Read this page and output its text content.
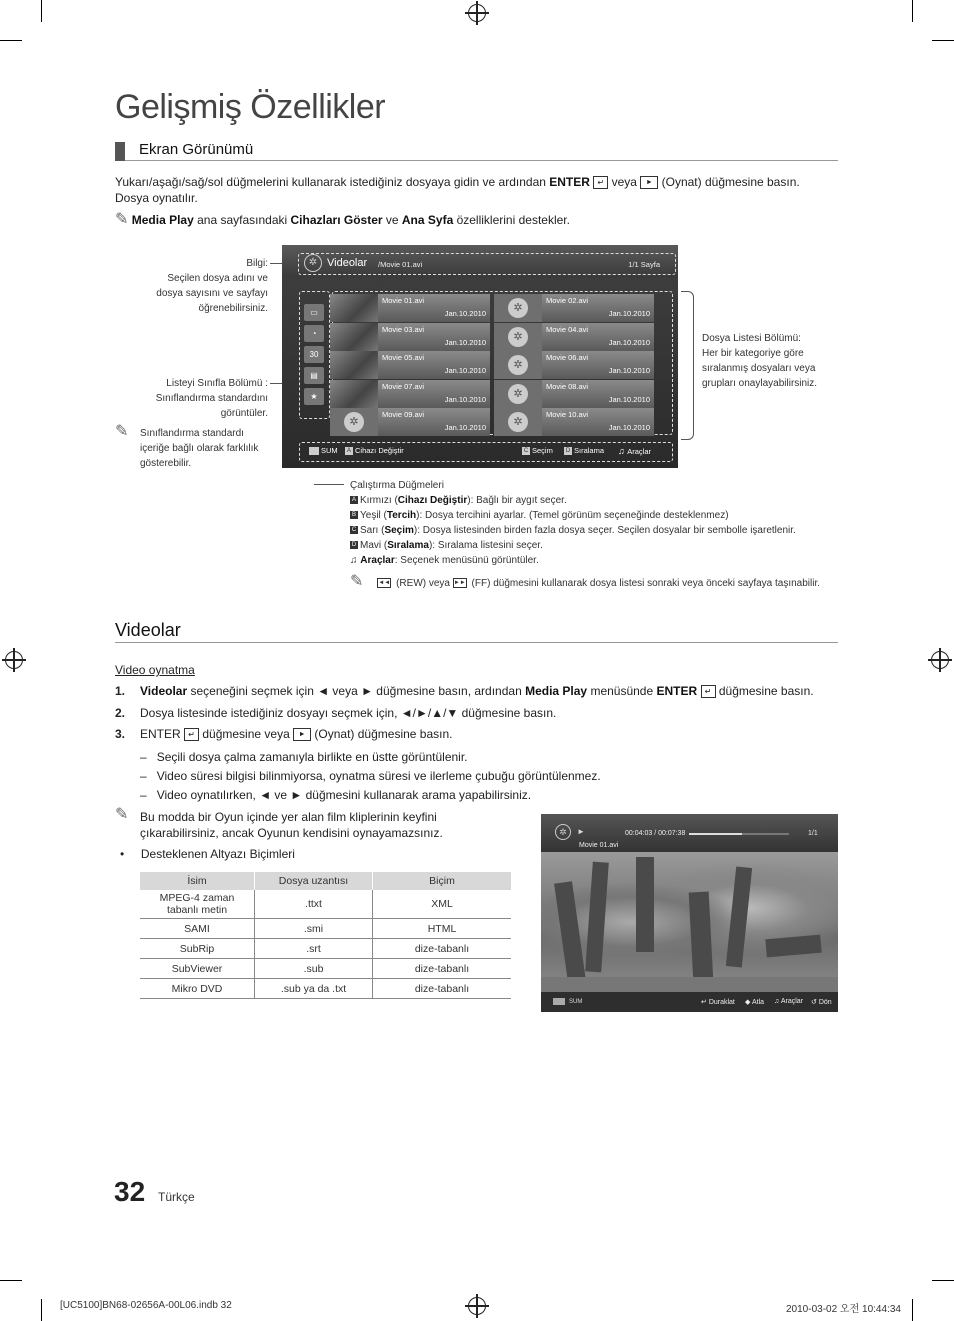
Gelişmiş Özellikler
Ekran Görünümü
Yukarı/aşağı/sağ/sol düğmelerini kullanarak istediğiniz dosyaya gidin ve ardından ENTER ↵ veya ► (Oynat) düğmesine basın.
Dosya oynatılır.
✎ Media Play ana sayfasındaki Cihazları Göster ve Ana Syfa özelliklerini destekler.
Bilgi:
Seçilen dosya adını ve
dosya sayısını ve sayfayı
öğrenebilirsiniz.
Listeyi Sınıfla Bölümü :
Sınıflandırma standardını
görüntüler.
✎ Sınıflandırma standardı
içeriğe bağlı olarak farklılık
gösterebilir.
Dosya Listesi Bölümü:
Her bir kategoriye göre
sıralanmış dosyaları veya
grupları onaylayabilirsiniz.
✲ Videolar /Movie 01.avi	1/1 Sayfa
▭
◔
30
▤
★
Movie 01.avi
Jan.10.2010	✲
Movie 02.avi
Jan.10.2010
Movie 03.avi
Jan.10.2010	✲
Movie 04.avi
Jan.10.2010
Movie 05.avi
Jan.10.2010	✲
Movie 06.avi
Jan.10.2010
Movie 07.avi
Jan.10.2010	✲
Movie 08.avi
Jan.10.2010
✲
Movie 09.avi
Jan.10.2010	✲
Movie 10.avi
Jan.10.2010
SUM	A Cihazı Değiştir	C Seçim	D Sıralama ♫ Araçlar
Çalıştırma Düğmeleri
A Kırmızı (Cihazı Değiştir): Bağlı bir aygıt seçer.
B Yeşil (Tercih): Dosya tercihini ayarlar. (Temel görünüm seçeneğinde desteklenmez)
C Sarı (Seçim): Dosya listesinden birden fazla dosya seçer. Seçilen dosyalar bir sembolle işaretlenir.
D Mavi (Sıralama): Sıralama listesini seçer.
♫ Araçlar: Seçenek menüsünü görüntüler.
✎ ◄◄ (REW) veya ►► (FF) düğmesini kullanarak dosya listesi sonraki veya önceki sayfaya taşınabilir.
Videolar
Video oynatma
1. Videolar seçeneğini seçmek için ◄ veya ► düğmesine basın, ardından Media Play menüsünde ENTER ↵ düğmesine basın.
2. Dosya listesinde istediğiniz dosyayı seçmek için, ◄/►/▲/▼ düğmesine basın.
3. ENTER ↵ düğmesine veya ► (Oynat) düğmesine basın.
–   Seçili dosya çalma zamanıyla birlikte en üstte görüntülenir.
–   Video süresi bilgisi bilinmiyorsa, oynatma süresi ve ilerleme çubuğu görüntülenmez.
–   Video oynatılırken, ◄ ve ► düğmesini kullanarak arama yapabilirsiniz.
✎ Bu modda bir Oyun içinde yer alan film kliplerinin keyfini
çıkarabilirsiniz, ancak Oyunun kendisini oynayamazsınız.
•     Desteklenen Altyazı Biçimleri
İsim	Dosya uzantısı	Biçim
MPEG-4 zaman tabanlı metin	.ttxt	XML
SAMI	.smi	HTML
SubRip	.srt	dize-tabanlı
SubViewer	.sub	dize-tabanlı
Mikro DVD	.sub ya da .txt	dize-tabanlı
✲	►	00:04:03 / 00:07:38	1/1
Movie 01.avi
SUM	↵ Duraklat ◆ Atla ♫ Araçlar ↺ Dön
32 Türkçe
[UC5100]BN68-02656A-00L06.indb 32	2010-03-02 오전 10:44:34
